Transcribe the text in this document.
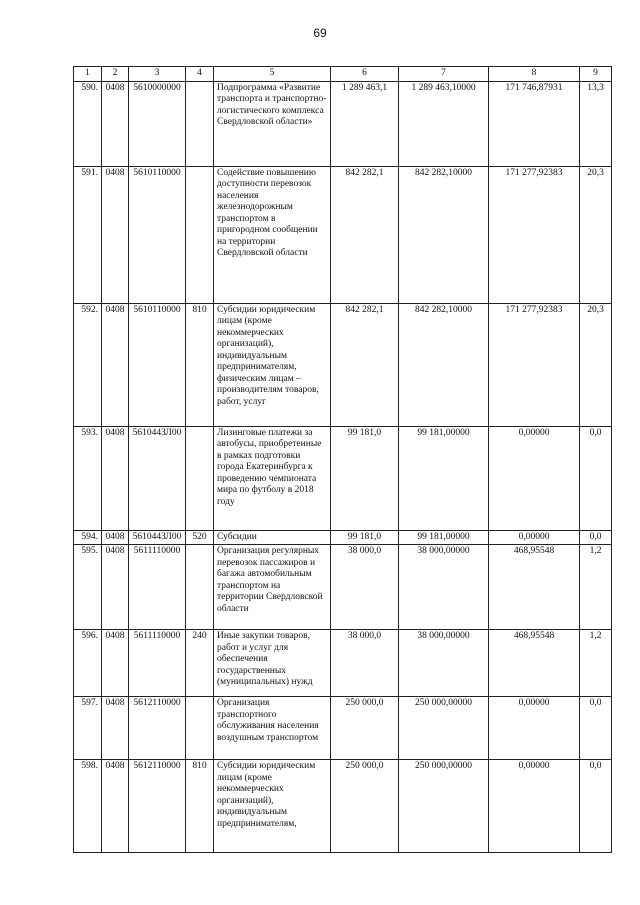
69
1	2	3	4	5	6	7	8	9

590.	0408	5610000000		Подпрограмма «Развитие транспорта и транспортно-логистического комплекса Свердловской области»	1 289 463,1	1 289 463,10000	171 746,87931	13,3

591.	0408	5610110000		Содействие повышению доступности перевозок населения железнодорожным транспортом в пригородном сообщении на территории Свердловской области	842 282,1	842 282,10000	171 277,92383	20,3

592.	0408	5610110000	810	Субсидии юридическим лицам (кроме некоммерческих организаций), индивидуальным предпринимателям, физическим лицам – производителям товаров, работ, услуг	842 282,1	842 282,10000	171 277,92383	20,3

593.	0408	561044ЗЛ00		Лизинговые платежи за автобусы, приобретенные в рамках подготовки города Екатеринбурга к проведению чемпионата мира по футболу в 2018 году	99 181,0	99 181,00000	0,00000	0,0

594.	0408	561044ЗЛ00	520	Субсидии	99 181,0	99 181,00000	0,00000	0,0

595.	0408	5611110000		Организация регулярных перевозок пассажиров и багажа автомобильным транспортом на территории Свердловской области	38 000,0	38 000,00000	468,95548	1,2

596.	0408	5611110000	240	Иные закупки товаров, работ и услуг для обеспечения государственных (муниципальных) нужд	38 000,0	38 000,00000	468,95548	1,2

597.	0408	5612110000		Организация транспортного обслуживания населения воздушным транспортом	250 000,0	250 000,00000	0,00000	0,0

598.	0408	5612110000	810	Субсидии юридическим лицам (кроме некоммерческих организаций), индивидуальным предпринимателям,	250 000,0	250 000,00000	0,00000	0,0
